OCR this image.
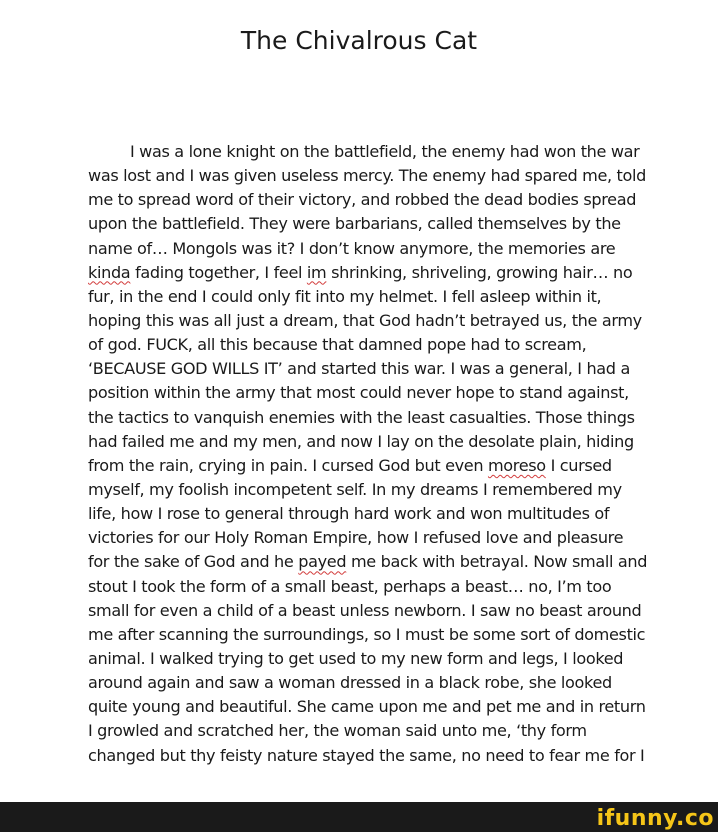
The Chivalrous Cat
I was a lone knight on the battlefield, the enemy had won the war
was lost and I was given useless mercy. The enemy had spared me, told
me to spread word of their victory, and robbed the dead bodies spread
upon the battlefield. They were barbarians, called themselves by the
name of… Mongols was it? I don’t know anymore, the memories are
kinda fading together, I feel im shrinking, shriveling, growing hair… no
fur, in the end I could only fit into my helmet. I fell asleep within it,
hoping this was all just a dream, that God hadn’t betrayed us, the army
of god. FUCK, all this because that damned pope had to scream,
‘BECAUSE GOD WILLS IT’ and started this war. I was a general, I had a
position within the army that most could never hope to stand against,
the tactics to vanquish enemies with the least casualties. Those things
had failed me and my men, and now I lay on the desolate plain, hiding
from the rain, crying in pain. I cursed God but even moreso I cursed
myself, my foolish incompetent self. In my dreams I remembered my
life, how I rose to general through hard work and won multitudes of
victories for our Holy Roman Empire, how I refused love and pleasure
for the sake of God and he payed me back with betrayal. Now small and
stout I took the form of a small beast, perhaps a beast… no, I’m too
small for even a child of a beast unless newborn. I saw no beast around
me after scanning the surroundings, so I must be some sort of domestic
animal. I walked trying to get used to my new form and legs, I looked
around again and saw a woman dressed in a black robe, she looked
quite young and beautiful. She came upon me and pet me and in return
I growled and scratched her, the woman said unto me, ‘thy form
changed but thy feisty nature stayed the same, no need to fear me for I
ifunny.co
